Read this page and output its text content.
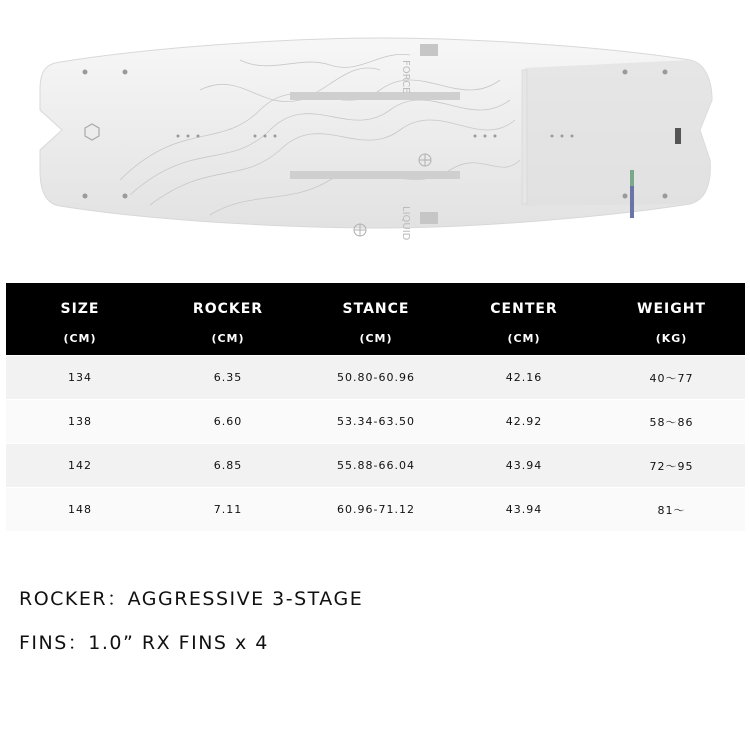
FORCE
LIQUID
SIZE	ROCKER	STANCE	CENTER	WEIGHT
(CM)	(CM)	(CM)	(CM)	(KG)
134	6.35	50.80-60.96	42.16	40～77
138	6.60	53.34-63.50	42.92	58～86
142	6.85	55.88-66.04	43.94	72～95
148	7.11	60.96-71.12	43.94	81～
ROCKER：AGGRESSIVE 3-STAGE
FINS：1.0” RX FINS x 4
